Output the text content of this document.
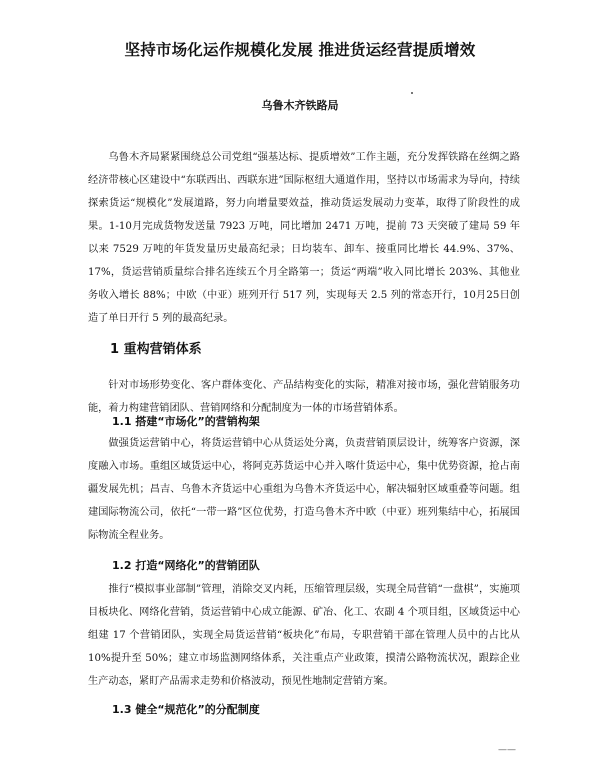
坚持市场化运作规模化发展 推进货运经营提质增效

乌鲁木齐铁路局

乌鲁木齐局紧紧围绕总公司党组“强基达标、提质增效”工作主题，充分发挥铁路在丝绸之路经济带核心区建设中“东联西出、西联东进”国际枢纽大通道作用，坚持以市场需求为导向，持续探索货运“规模化”发展道路，努力向增量要效益，推动货运发展动力变革，取得了阶段性的成果。1-10月完成货物发送量 7923 万吨，同比增加 2471 万吨，提前 73 天突破了建局 59 年以来 7529 万吨的年货发量历史最高纪录；日均装车、卸车、接重同比增长 44.9%、37%、17%，货运营销质量综合排名连续五个月全路第一；货运“两端”收入同比增长 203%、其他业务收入增长 88%；中欧（中亚）班列开行 517 列，实现每天 2.5 列的常态开行，10月25日创造了单日开行 5 列的最高纪录。

1 重构营销体系

针对市场形势变化、客户群体变化、产品结构变化的实际，精准对接市场，强化营销服务功能，着力构建营销团队、营销网络和分配制度为一体的市场营销体系。

1.1 搭建“市场化”的营销构架

做强货运营销中心，将货运营销中心从货运处分离，负责营销顶层设计，统筹客户资源，深度融入市场。重组区域货运中心，将阿克苏货运中心并入喀什货运中心，集中优势资源，抢占南疆发展先机；昌吉、乌鲁木齐货运中心重组为乌鲁木齐货运中心，解决辐射区域重叠等问题。组建国际物流公司，依托“一带一路”区位优势，打造乌鲁木齐中欧（中亚）班列集结中心，拓展国际物流全程业务。

1.2 打造“网络化”的营销团队

推行“模拟事业部制”管理，消除交叉内耗，压缩管理层级，实现全局营销“一盘棋”，实施项目板块化、网络化营销，货运营销中心成立能源、矿冶、化工、农副 4 个项目组，区域货运中心组建 17 个营销团队，实现全局货运营销“板块化”布局，专职营销干部在管理人员中的占比从 10%提升至 50%；建立市场监测网络体系，关注重点产业政策，摸清公路物流状况，跟踪企业生产动态，紧盯产品需求走势和价格波动，预见性地制定营销方案。

1.3 健全“规范化”的分配制度
——
